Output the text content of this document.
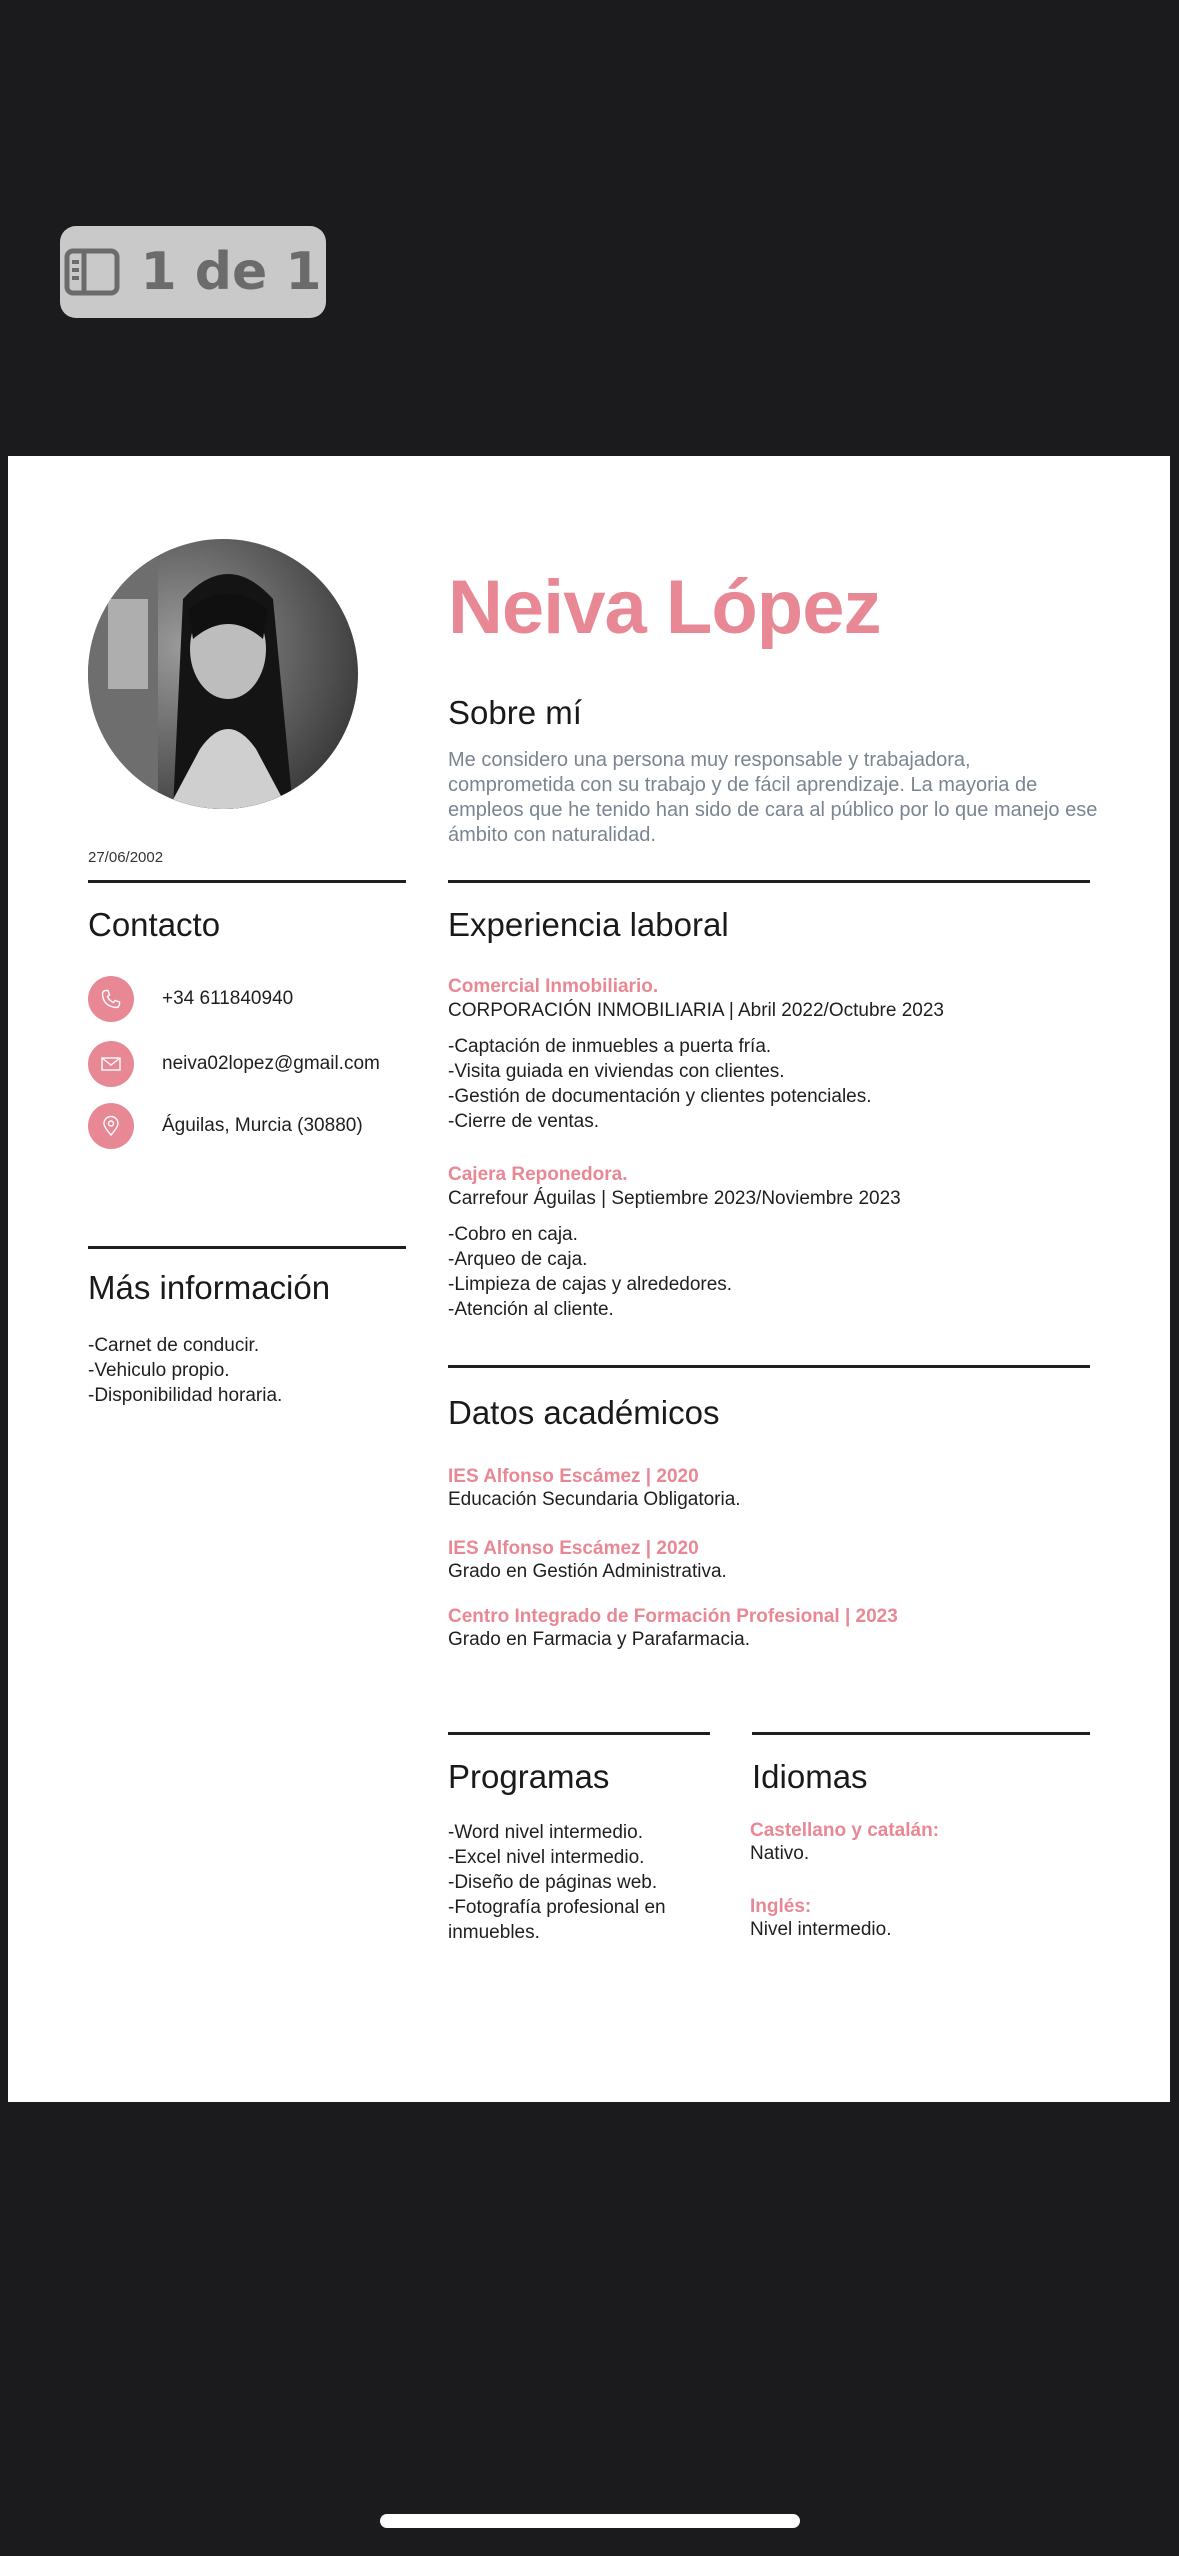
1 de 1
27/06/2002
Neiva López
Sobre mí
Me considero una persona muy responsable y trabajadora, comprometida con su trabajo y de fácil aprendizaje. La mayoria de empleos que he tenido han sido de cara al público por lo que manejo ese ámbito con naturalidad.
Contacto
+34 611840940
neiva02lopez@gmail.com
Águilas, Murcia (30880)
Más información
-Carnet de conducir.
-Vehiculo propio.
-Disponibilidad horaria.
Experiencia laboral
Comercial Inmobiliario.
CORPORACIÓN INMOBILIARIA | Abril 2022/Octubre 2023
-Captación de inmuebles a puerta fría.
-Visita guiada en viviendas con clientes.
-Gestión de documentación y clientes potenciales.
-Cierre de ventas.
Cajera Reponedora.
Carrefour Águilas | Septiembre 2023/Noviembre 2023
-Cobro en caja.
-Arqueo de caja.
-Limpieza de cajas y alrededores.
-Atención al cliente.
Datos académicos
IES Alfonso Escámez | 2020
Educación Secundaria Obligatoria.
IES Alfonso Escámez | 2020
Grado en Gestión Administrativa.
Centro Integrado de Formación Profesional | 2023
Grado en Farmacia y Parafarmacia.
Programas
-Word nivel intermedio.
-Excel nivel intermedio.
-Diseño de páginas web.
-Fotografía profesional en
inmuebles.
Idiomas
Castellano y catalán:
Nativo.
Inglés:
Nivel intermedio.
